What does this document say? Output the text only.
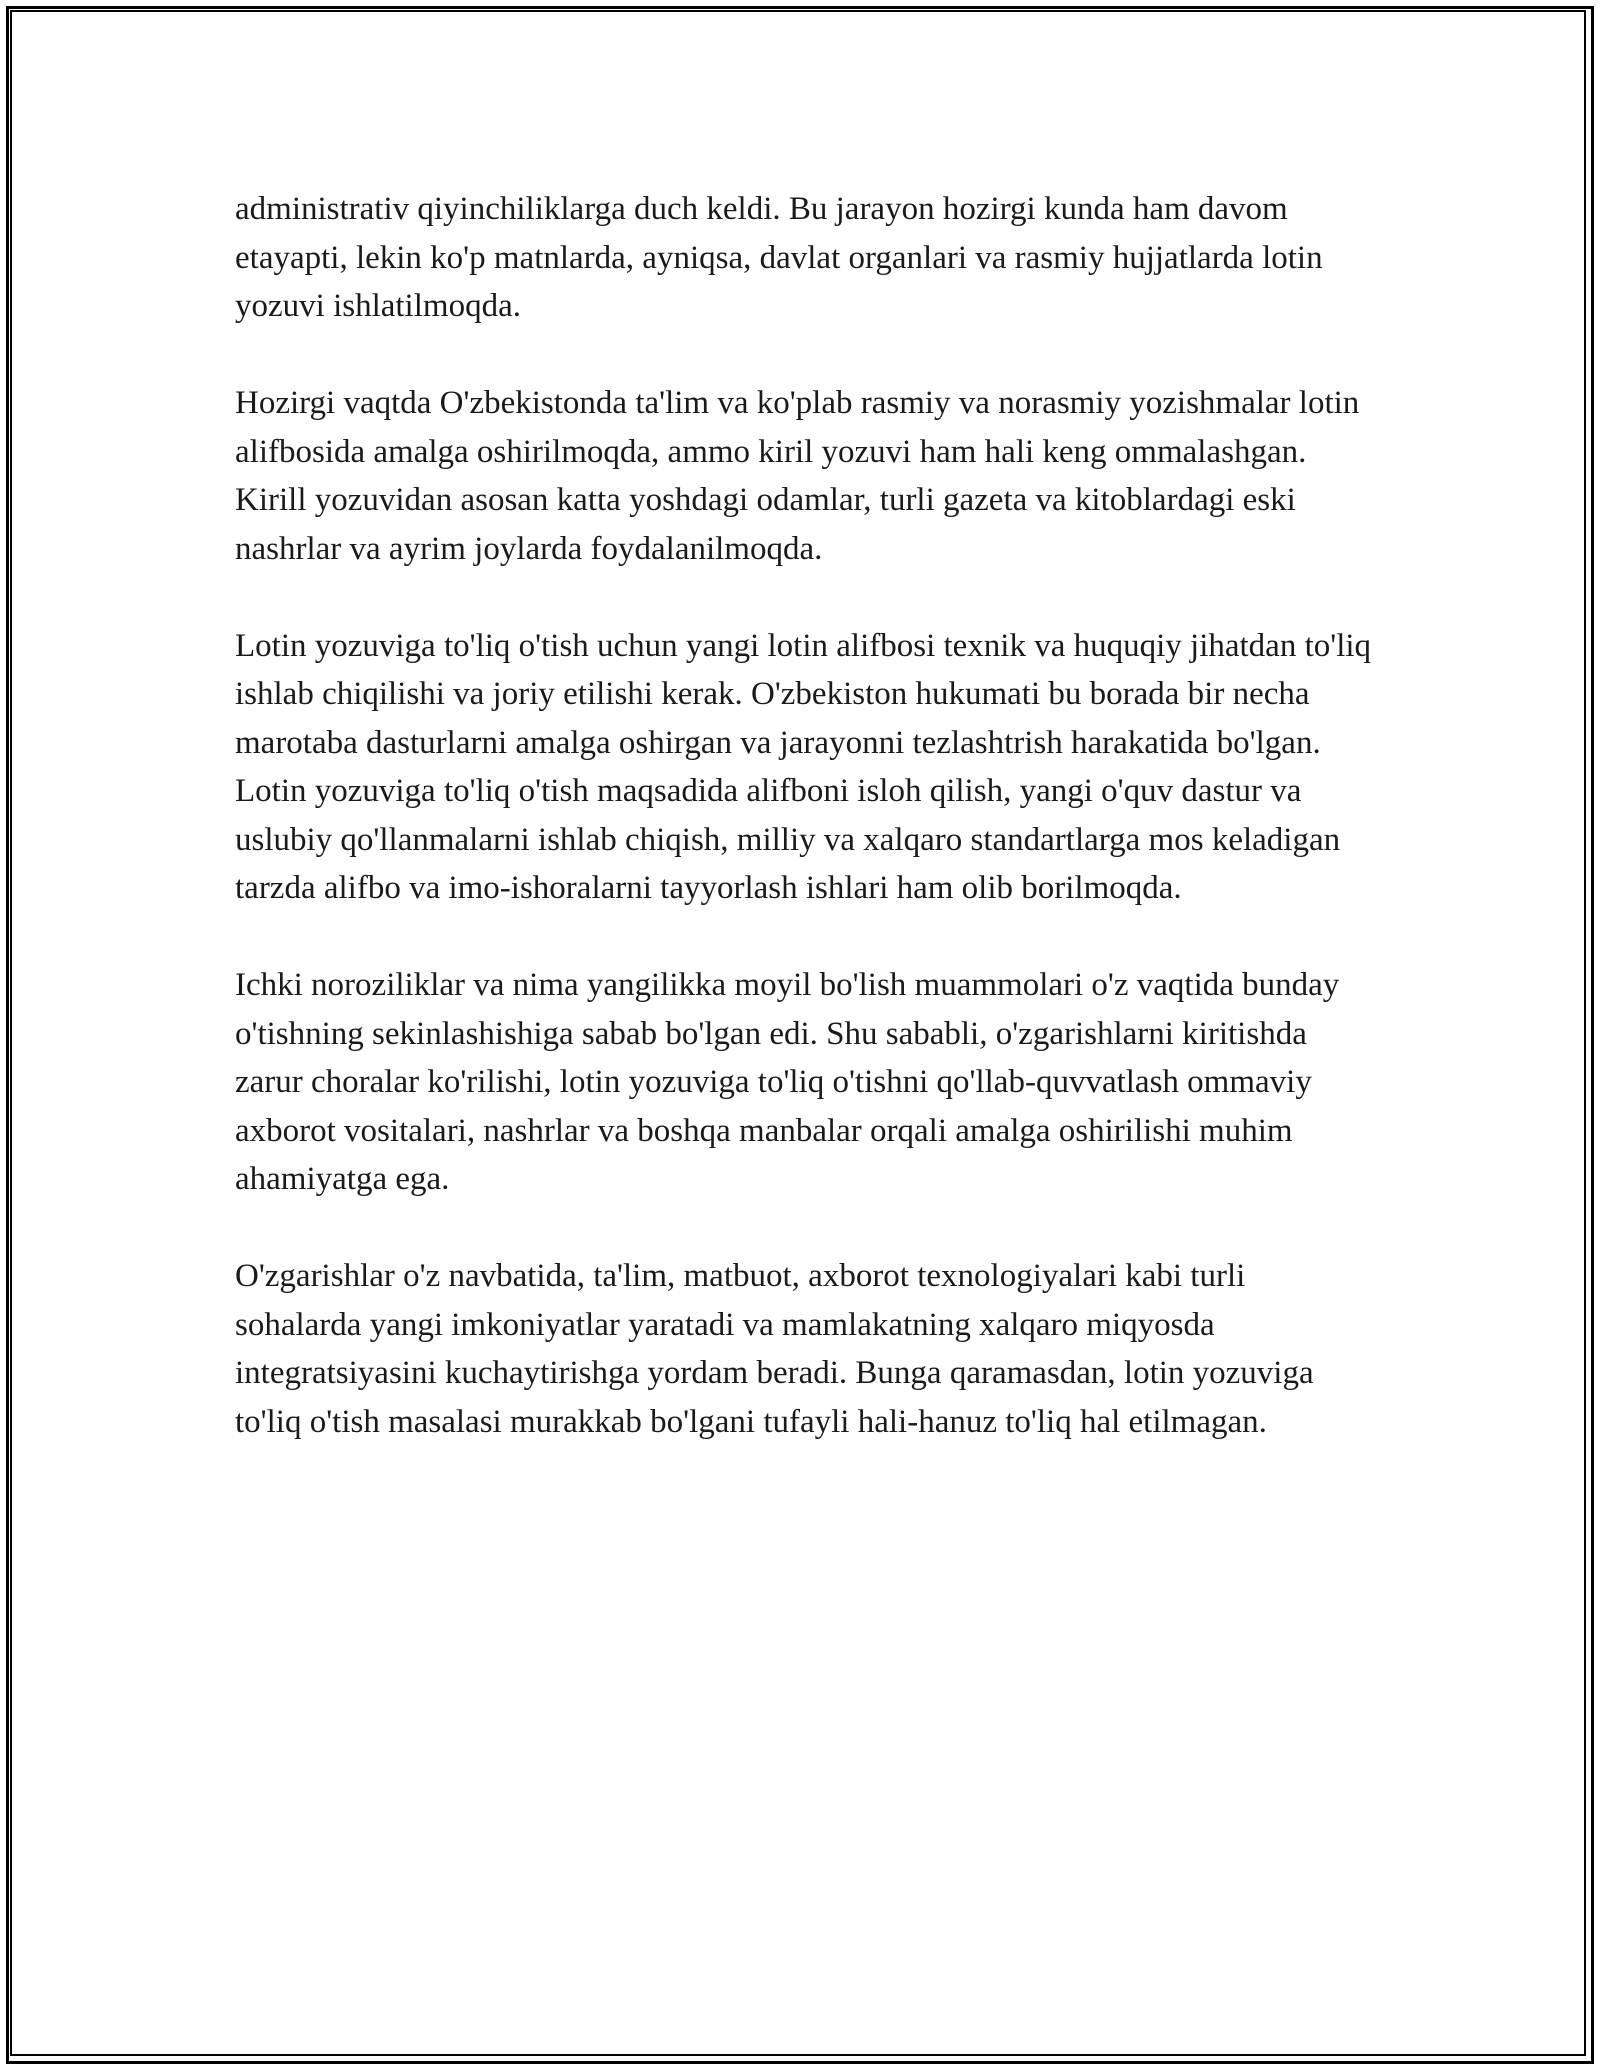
administrativ qiyinchiliklarga duch keldi. Bu jarayon hozirgi kunda ham davom etayapti, lekin ko'p matnlarda, ayniqsa, davlat organlari va rasmiy hujjatlarda lotin yozuvi ishlatilmoqda.

Hozirgi vaqtda O'zbekistonda ta'lim va ko'plab rasmiy va norasmiy yozishmalar lotin alifbosida amalga oshirilmoqda, ammo kiril yozuvi ham hali keng ommalashgan. Kirill yozuvidan asosan katta yoshdagi odamlar, turli gazeta va kitoblardagi eski nashrlar va ayrim joylarda foydalanilmoqda.

Lotin yozuviga to'liq o'tish uchun yangi lotin alifbosi texnik va huquqiy jihatdan to'liq ishlab chiqilishi va joriy etilishi kerak. O'zbekiston hukumati bu borada bir necha marotaba dasturlarni amalga oshirgan va jarayonni tezlashtrish harakatida bo'lgan. Lotin yozuviga to'liq o'tish maqsadida alifboni isloh qilish, yangi o'quv dastur va uslubiy qo'llanmalarni ishlab chiqish, milliy va xalqaro standartlarga mos keladigan tarzda alifbo va imo-ishoralarni tayyorlash ishlari ham olib borilmoqda.

Ichki noroziliklar va nima yangilikka moyil bo'lish muammolari o'z vaqtida bunday o'tishning sekinlashishiga sabab bo'lgan edi. Shu sababli, o'zgarishlarni kiritishda zarur choralar ko'rilishi, lotin yozuviga to'liq o'tishni qo'llab-quvvatlash ommaviy axborot vositalari, nashrlar va boshqa manbalar orqali amalga oshirilishi muhim ahamiyatga ega.

O'zgarishlar o'z navbatida, ta'lim, matbuot, axborot texnologiyalari kabi turli sohalarda yangi imkoniyatlar yaratadi va mamlakatning xalqaro miqyosda integratsiyasini kuchaytirishga yordam beradi. Bunga qaramasdan, lotin yozuviga to'liq o'tish masalasi murakkab bo'lgani tufayli hali-hanuz to'liq hal etilmagan.
